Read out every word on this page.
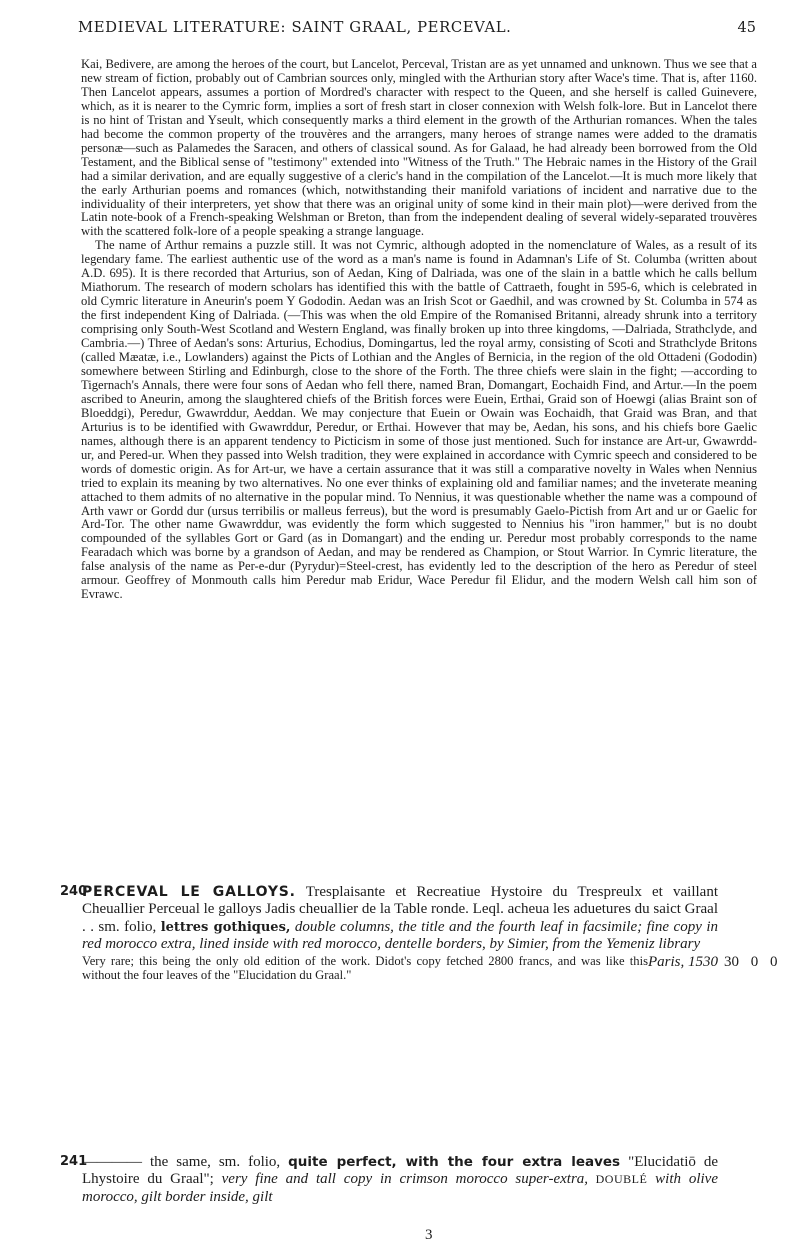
MEDIEVAL LITERATURE: SAINT GRAAL, PERCEVAL.	45
Kai, Bedivere, are among the heroes of the court, but Lancelot, Perceval, Tristan are as yet unnamed and unknown. Thus we see that a new stream of fiction, probably out of Cambrian sources only, mingled with the Arthurian story after Wace's time. That is, after 1160. Then Lancelot appears, assumes a portion of Mordred's character with respect to the Queen, and she herself is called Guinevere, which, as it is nearer to the Cymric form, implies a sort of fresh start in closer connexion with Welsh folk-lore. But in Lancelot there is no hint of Tristan and Yseult, which consequently marks a third element in the growth of the Arthurian romances. When the tales had become the common property of the trouvères and the arrangers, many heroes of strange names were added to the dramatis personæ—such as Palamedes the Saracen, and others of classical sound. As for Galaad, he had already been borrowed from the Old Testament, and the Biblical sense of "testimony" extended into "Witness of the Truth." The Hebraic names in the History of the Grail had a similar derivation, and are equally suggestive of a cleric's hand in the compilation of the Lancelot.—It is much more likely that the early Arthurian poems and romances (which, notwithstanding their manifold variations of incident and narrative due to the individuality of their interpreters, yet show that there was an original unity of some kind in their main plot)—were derived from the Latin note-book of a French-speaking Welshman or Breton, than from the independent dealing of several widely-separated trouvères with the scattered folk-lore of a people speaking a strange language.
The name of Arthur remains a puzzle still. It was not Cymric, although adopted in the nomenclature of Wales, as a result of its legendary fame. The earliest authentic use of the word as a man's name is found in Adamnan's Life of St. Columba (written about A.D. 695). It is there recorded that Arturius, son of Aedan, King of Dalriada, was one of the slain in a battle which he calls bellum Miathorum. The research of modern scholars has identified this with the battle of Cattraeth, fought in 595-6, which is celebrated in old Cymric literature in Aneurin's poem Y Gododin. Aedan was an Irish Scot or Gaedhil, and was crowned by St. Columba in 574 as the first independent King of Dalriada. (—This was when the old Empire of the Romanised Britanni, already shrunk into a territory comprising only South-West Scotland and Western England, was finally broken up into three kingdoms, —Dalriada, Strathclyde, and Cambria.—) Three of Aedan's sons: Arturius, Echodius, Domingartus, led the royal army, consisting of Scoti and Strathclyde Britons (called Mæatæ, i.e., Lowlanders) against the Picts of Lothian and the Angles of Bernicia, in the region of the old Ottadeni (Gododin) somewhere between Stirling and Edinburgh, close to the shore of the Forth. The three chiefs were slain in the fight; —according to Tigernach's Annals, there were four sons of Aedan who fell there, named Bran, Domangart, Eochaidh Find, and Artur.—In the poem ascribed to Aneurin, among the slaughtered chiefs of the British forces were Euein, Erthai, Graid son of Hoewgi (alias Braint son of Bloeddgi), Peredur, Gwawrddur, Aeddan. We may conjecture that Euein or Owain was Eochaidh, that Graid was Bran, and that Arturius is to be identified with Gwawrddur, Peredur, or Erthai. However that may be, Aedan, his sons, and his chiefs bore Gaelic names, although there is an apparent tendency to Picticism in some of those just mentioned. Such for instance are Art-ur, Gwawrdd-ur, and Pered-ur. When they passed into Welsh tradition, they were explained in accordance with Cymric speech and considered to be words of domestic origin. As for Art-ur, we have a certain assurance that it was still a comparative novelty in Wales when Nennius tried to explain its meaning by two alternatives. No one ever thinks of explaining old and familiar names; and the inveterate meaning attached to them admits of no alternative in the popular mind. To Nennius, it was questionable whether the name was a compound of Arth vawr or Gordd dur (ursus terribilis or malleus ferreus), but the word is presumably Gaelo-Pictish from Art and ur or Gaelic for Ard-Tor. The other name Gwawrddur, was evidently the form which suggested to Nennius his "iron hammer," but is no doubt compounded of the syllables Gort or Gard (as in Domangart) and the ending ur. Peredur most probably corresponds to the name Fearadach which was borne by a grandson of Aedan, and may be rendered as Champion, or Stout Warrior. In Cymric literature, the false analysis of the name as Per-e-dur (Pyrydur)=Steel-crest, has evidently led to the description of the hero as Peredur of steel armour. Geoffrey of Monmouth calls him Peredur mab Eridur, Wace Peredur fil Elidur, and the modern Welsh call him son of Evrawc.
240
PERCEVAL LE GALLOYS. Tresplaisante et Recreatiue Hystoire du Trespreulx et vaillant Cheuallier Perceual le galloys Jadis cheuallier de la Table ronde. Leql. acheua les aduetures du saict Graal . . sm. folio, lettres gothiques, double columns, the title and the fourth leaf in facsimile; fine copy in red morocco extra, lined inside with red morocco, dentelle borders, by Simier, from the Yemeniz library
Paris, 1530
Very rare; this being the only old edition of the work. Didot's copy fetched 2800 francs, and was like this without the four leaves of the "Elucidation du Graal."
30 0 0
241
———— the same, sm. folio, quite perfect, with the four extra leaves "Elucidatiō de Lhystoire du Graal"; very fine and tall copy in crimson morocco super-extra, DOUBLÉ with olive morocco, gilt border inside, gilt
3
